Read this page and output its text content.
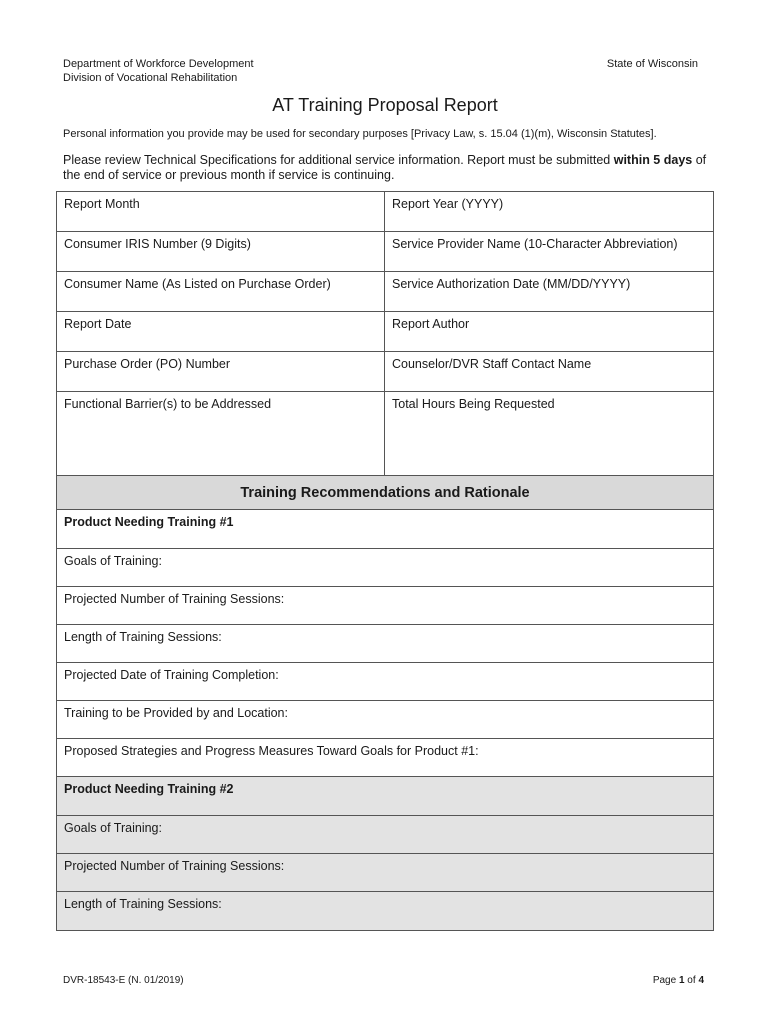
Department of Workforce Development
Division of Vocational Rehabilitation
State of Wisconsin
AT Training Proposal Report
Personal information you provide may be used for secondary purposes [Privacy Law, s. 15.04 (1)(m), Wisconsin Statutes].
Please review Technical Specifications for additional service information. Report must be submitted within 5 days of the end of service or previous month if service is continuing.
Report Month	Report Year (YYYY)
Consumer IRIS Number (9 Digits)	Service Provider Name (10-Character Abbreviation)
Consumer Name (As Listed on Purchase Order)	Service Authorization Date (MM/DD/YYYY)
Report Date	Report Author
Purchase Order (PO) Number	Counselor/DVR Staff Contact Name
Functional Barrier(s) to be Addressed	Total Hours Being Requested
Training Recommendations and Rationale
Product Needing Training #1
Goals of Training:
Projected Number of Training Sessions:
Length of Training Sessions:
Projected Date of Training Completion:
Training to be Provided by and Location:
Proposed Strategies and Progress Measures Toward Goals for Product #1:
Product Needing Training #2
Goals of Training:
Projected Number of Training Sessions:
Length of Training Sessions:
DVR-18543-E (N. 01/2019)	Page 1 of 4
